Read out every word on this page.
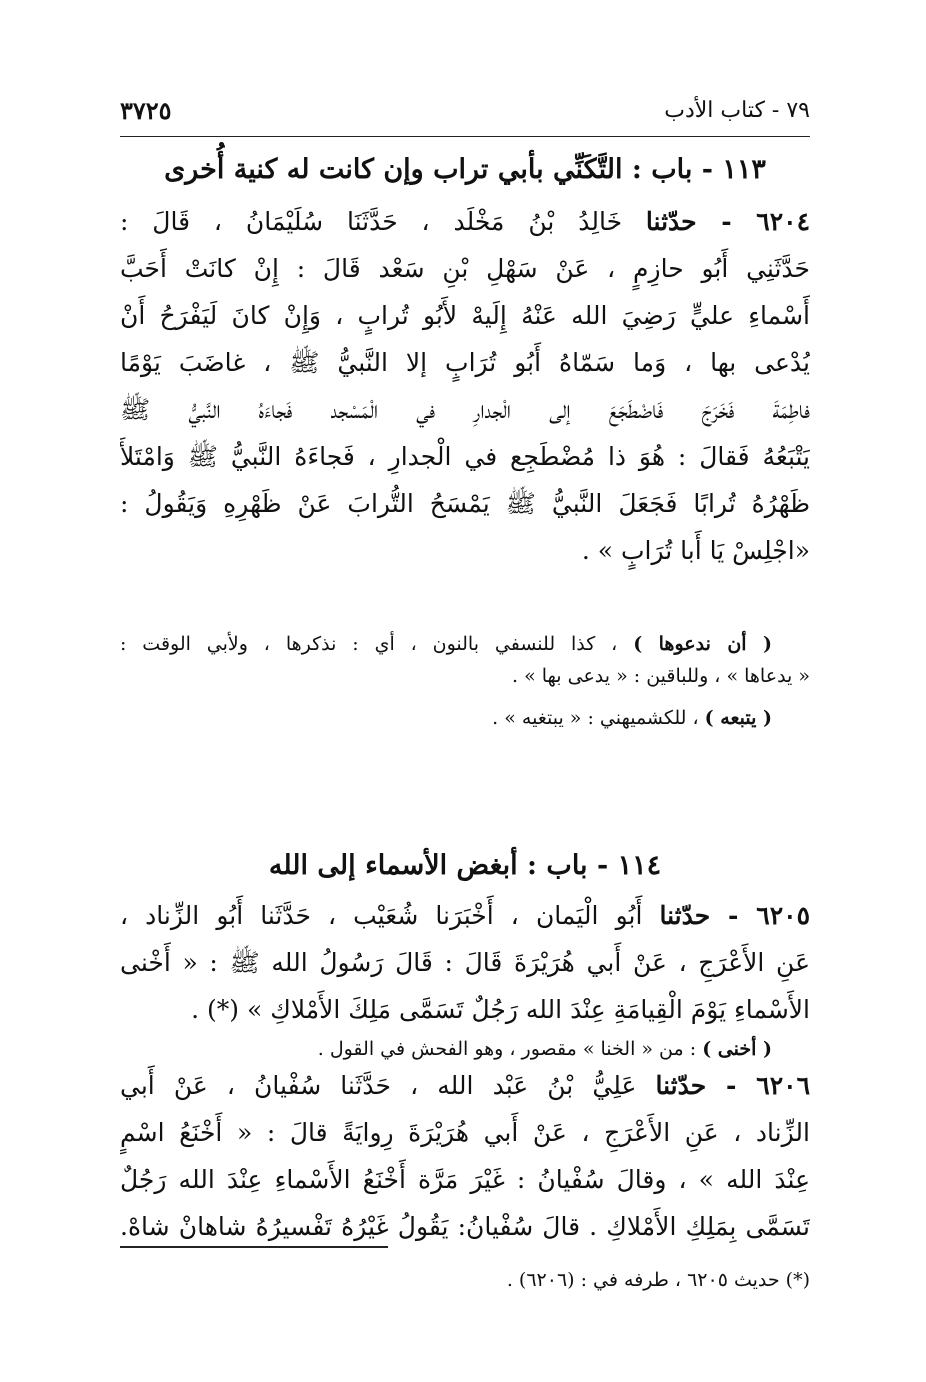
٧٩ - كتاب الأدب
٣٧٢٥
١١٣ - باب : التَّكَنِّي بأبي تراب وإن كانت له كنية أُخرى
٦٢٠٤ - حدّثنا خَالِدُ بْنُ مَخْلَد ، حَدَّثَنَا سُلَيْمَانُ ، قَالَ :
حَدَّثَنِي أَبُو حازِمٍ ، عَنْ سَهْلِ بْنِ سَعْد قَالَ : إِنْ كانَتْ أَحَبَّ
أَسْماءِ عليٍّ رَضِيَ الله عَنْهُ إِلَيهْ لأَبُو تُرابٍ ، وَإِنْ كانَ لَيَفْرَحُ أَنْ
يُدْعى بها ، وَما سَمّاهُ أَبُو تُرَابٍ إلا النَّبيُّ ﷺ ، غاضَبَ يَوْمًا
فاطِمَةَ فَخَرَجَ فَاضْطَجَعَ إلى الْجدارِ في الْمَسْجد فَجاءَهُ النَّبيُّ ﷺ
يَتْبَعُهُ فَقالَ : هُوَ ذا مُضْطَجِع في الْجدارِ ، فَجاءَهُ النَّبيُّ ﷺ وَامْتَلأَ
ظَهْرُهُ تُرابًا فَجَعَلَ النَّبيُّ ﷺ يَمْسَحُ التُّرابَ عَنْ ظَهْرِهِ وَيَقُولُ :
«اجْلِسْ يَا أَبا تُرَابٍ » .
( أن ندعوها ) ، كذا للنسفي بالنون ، أي : نذكرها ، ولأبي الوقت :
« يدعاها » ، وللباقين : « يدعى بها » .
( يتبعه ) ، للكشميهني : « يبتغيه » .
١١٤ - باب : أبغض الأسماء إلى الله
٦٢٠٥ - حدّثنا أَبُو الْيَمان ، أَخْبَرَنا شُعَيْب ، حَدَّثَنا أَبُو الزِّناد ،
عَنِ الأَعْرَجِ ، عَنْ أَبي هُرَيْرَةَ قَالَ : قَالَ رَسُولُ الله ﷺ : « أَخْنى
الأَسْماءِ يَوْمَ الْقِيامَةِ عِنْدَ الله رَجُلٌ تَسَمَّى مَلِكَ الأَمْلاكِ » (*) .
( أخنى ) : من « الخنا » مقصور ، وهو الفحش في القول .
٦٢٠٦ - حدّثنا عَلِيُّ بْنُ عَبْد الله ، حَدَّثَنا سُفْيانُ ، عَنْ أَبي
الزِّناد ، عَنِ الأَعْرَجِ ، عَنْ أَبي هُرَيْرَةَ رِوايَةً قالَ : « أَخْنَعُ اسْمٍ
عِنْدَ الله » ، وقالَ سُفْيانُ : غَيْرَ مَرَّة أَخْنَعُ الأَسْماءِ عِنْدَ الله رَجُلٌ
تَسَمَّى بِمَلِكِ الأَمْلاكِ . قالَ سُفْيانُ: يَقُولُ غَيْرُهُ تَفْسيرُهُ شاهانْ شاهْ.
(*) حديث ٦٢٠٥ ، طرفه في : (٦٢٠٦) .
